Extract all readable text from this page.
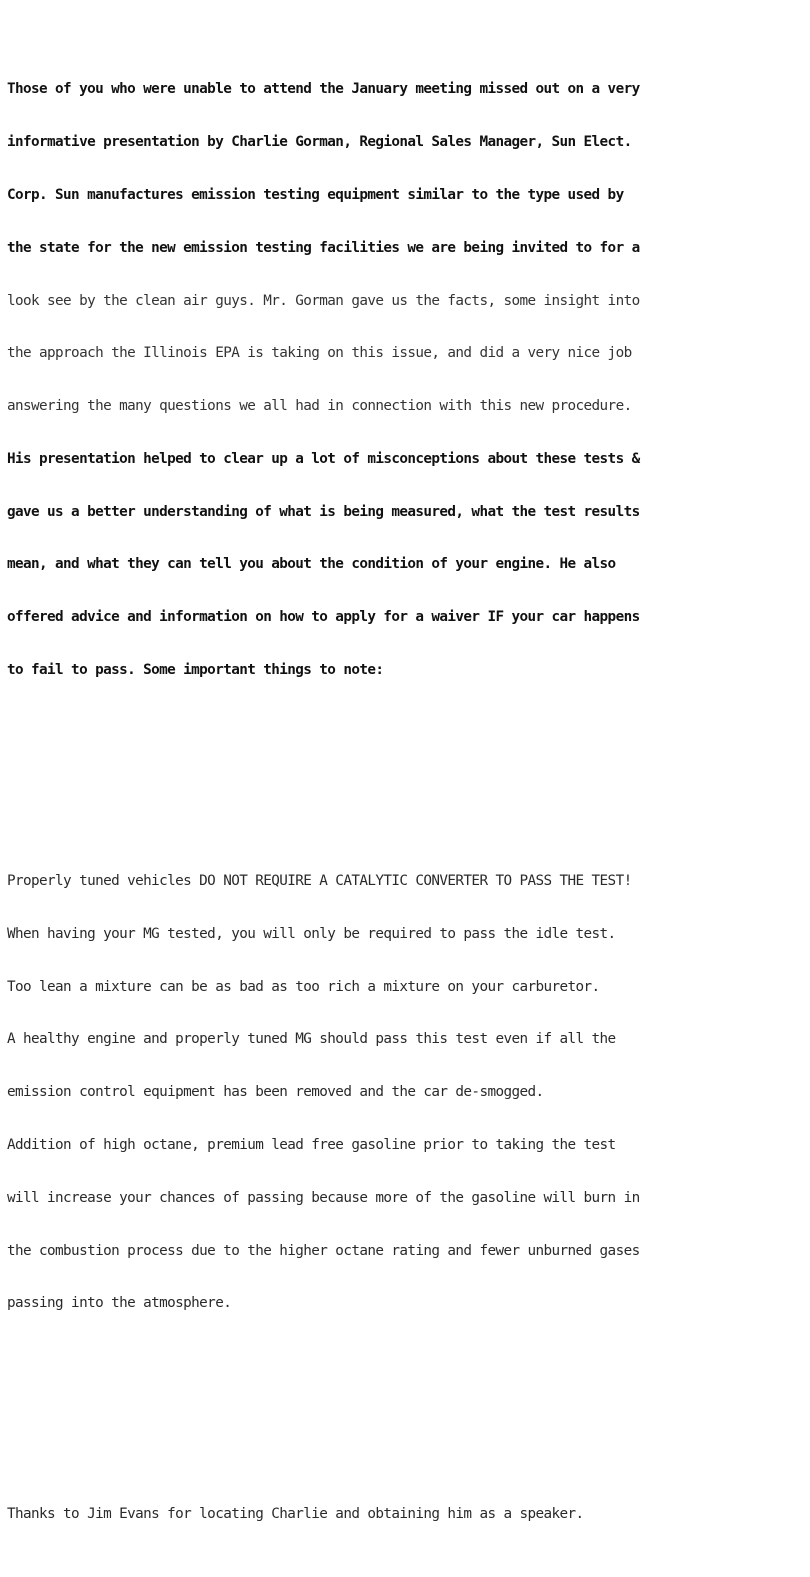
Those of you who were unable to attend the January meeting missed out on a very

informative presentation by Charlie Gorman, Regional Sales Manager, Sun Elect.

Corp. Sun manufactures emission testing equipment similar to the type used by

the state for the new emission testing facilities we are being invited to for a

look see by the clean air guys. Mr. Gorman gave us the facts, some insight into

the approach the Illinois EPA is taking on this issue, and did a very nice job

answering the many questions we all had in connection with this new procedure.

His presentation helped to clear up a lot of misconceptions about these tests &

gave us a better understanding of what is being measured, what the test results

mean, and what they can tell you about the condition of your engine. He also

offered advice and information on how to apply for a waiver IF your car happens

to fail to pass. Some important things to note:

Properly tuned vehicles DO NOT REQUIRE A CATALYTIC CONVERTER TO PASS THE TEST!

When having your MG tested, you will only be required to pass the idle test.

Too lean a mixture can be as bad as too rich a mixture on your carburetor.

A healthy engine and properly tuned MG should pass this test even if all the

emission control equipment has been removed and the car de-smogged.

Addition of high octane, premium lead free gasoline prior to taking the test

will increase your chances of passing because more of the gasoline will burn in

the combustion process due to the higher octane rating and fewer unburned gases

passing into the atmosphere.

Thanks to Jim Evans for locating Charlie and obtaining him as a speaker.
